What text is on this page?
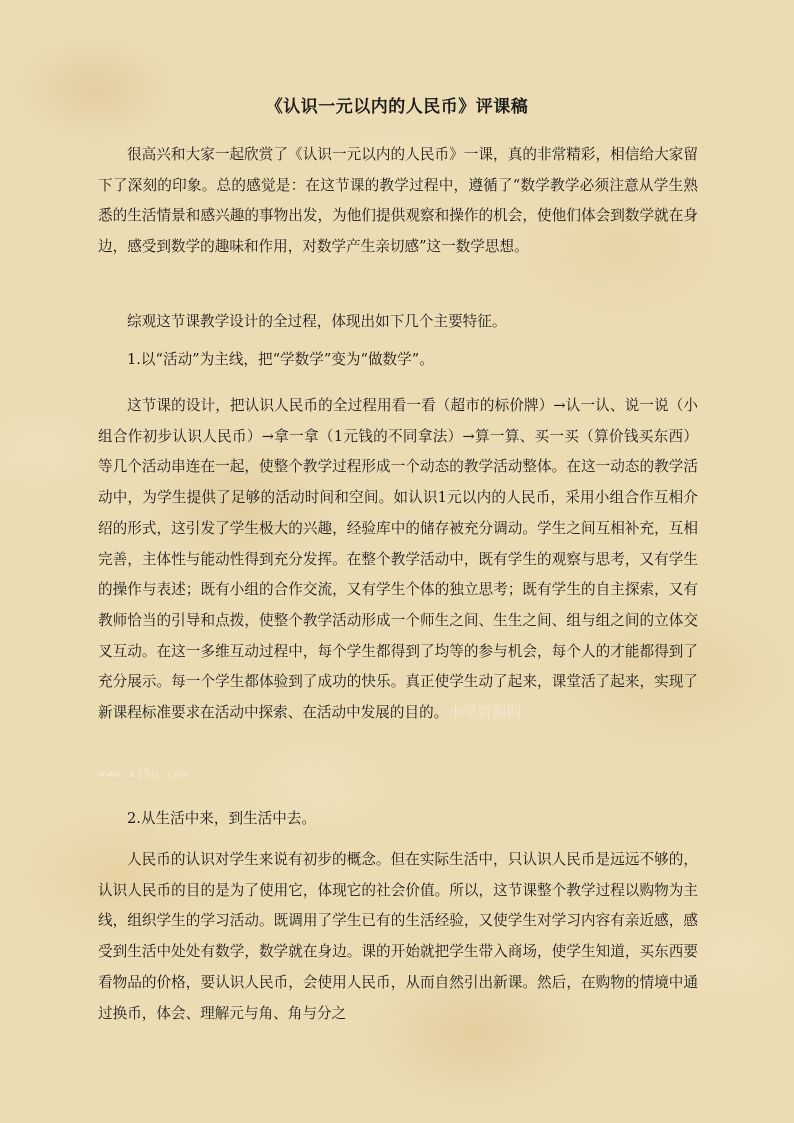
《认识一元以内的人民币》评课稿

很高兴和大家一起欣赏了《认识一元以内的人民币》一课，真的非常精彩，相信给大家留下了深刻的印象。总的感觉是：在这节课的教学过程中，遵循了“数学教学必须注意从学生熟悉的生活情景和感兴趣的事物出发，为他们提供观察和操作的机会，使他们体会到数学就在身边，感受到数学的趣味和作用，对数学产生亲切感”这一数学思想。

综观这节课教学设计的全过程，体现出如下几个主要特征。

1.以“活动”为主线，把“学数学”变为“做数学”。

这节课的设计，把认识人民币的全过程用看一看（超市的标价牌）→认一认、说一说（小组合作初步认识人民币）→拿一拿（1元钱的不同拿法）→算一算、买一买（算价钱买东西）等几个活动串连在一起，使整个教学过程形成一个动态的教学活动整体。在这一动态的教学活动中，为学生提供了足够的活动时间和空间。如认识1元以内的人民币，采用小组合作互相介绍的形式，这引发了学生极大的兴趣，经验库中的储存被充分调动。学生之间互相补充，互相完善，主体性与能动性得到充分发挥。在整个教学活动中，既有学生的观察与思考，又有学生的操作与表述；既有小组的合作交流，又有学生个体的独立思考；既有学生的自主探索，又有教师恰当的引导和点拨，使整个教学活动形成一个师生之间、生生之间、组与组之间的立体交叉互动。在这一多维互动过程中，每个学生都得到了均等的参与机会，每个人的才能都得到了充分展示。每一个学生都体验到了成功的快乐。真正使学生动了起来，课堂活了起来，实现了新课程标准要求在活动中探索、在活动中发展的目的。小学资源网

www.xj5u.com

2.从生活中来，到生活中去。

人民币的认识对学生来说有初步的概念。但在实际生活中，只认识人民币是远远不够的，认识人民币的目的是为了使用它，体现它的社会价值。所以，这节课整个教学过程以购物为主线，组织学生的学习活动。既调用了学生已有的生活经验，又使学生对学习内容有亲近感，感受到生活中处处有数学，数学就在身边。课的开始就把学生带入商场，使学生知道，买东西要看物品的价格，要认识人民币，会使用人民币，从而自然引出新课。然后，在购物的情境中通过换币，体会、理解元与角、角与分之
